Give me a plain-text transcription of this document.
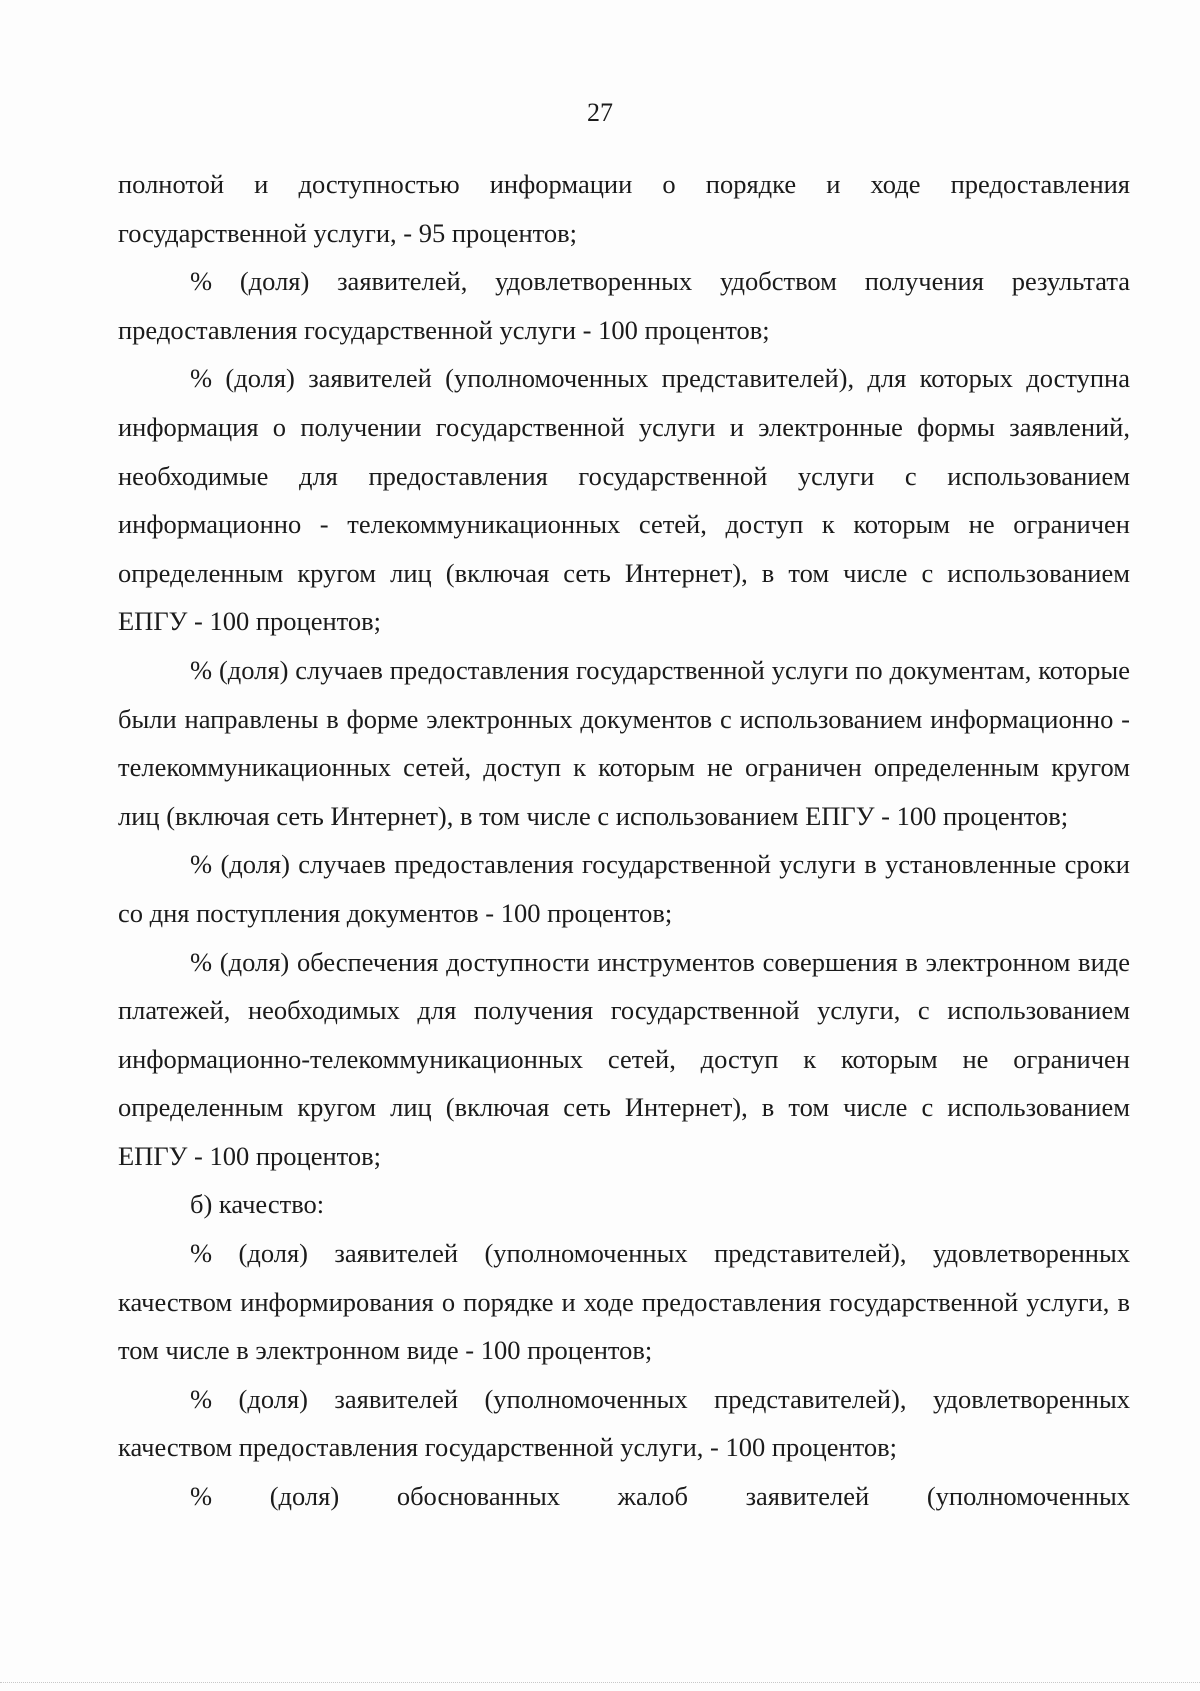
27

полнотой и доступностью информации о порядке и ходе предоставления государственной услуги, - 95 процентов;

% (доля) заявителей, удовлетворенных удобством получения результата предоставления государственной услуги - 100 процентов;

% (доля) заявителей (уполномоченных представителей), для которых доступна информация о получении государственной услуги и электронные формы заявлений, необходимые для предоставления государственной услуги с использованием информационно - телекоммуникационных сетей, доступ к которым не ограничен определенным кругом лиц (включая сеть Интернет), в том числе с использованием ЕПГУ - 100 процентов;

% (доля) случаев предоставления государственной услуги по документам, которые были направлены в форме электронных документов с использованием информационно - телекоммуникационных сетей, доступ к которым не ограничен определенным кругом лиц (включая сеть Интернет), в том числе с использованием ЕПГУ - 100 процентов;

% (доля) случаев предоставления государственной услуги в установленные сроки со дня поступления документов - 100 процентов;

% (доля) обеспечения доступности инструментов совершения в электронном виде платежей, необходимых для получения государственной услуги, с использованием информационно-телекоммуникационных сетей, доступ к которым не ограничен определенным кругом лиц (включая сеть Интернет), в том числе с использованием ЕПГУ - 100 процентов;

б) качество:

% (доля) заявителей (уполномоченных представителей), удовлетворенных качеством информирования о порядке и ходе предоставления государственной услуги, в том числе в электронном виде - 100 процентов;

% (доля) заявителей (уполномоченных представителей), удовлетворенных качеством предоставления государственной услуги, - 100 процентов;

% (доля) обоснованных жалоб заявителей (уполномоченных
